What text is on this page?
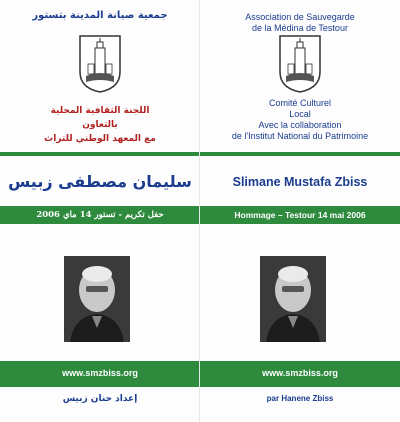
جمعية صيانة المدينة بتستور
اللجنة الثقافية المحلية
بالتعاون
مع المعهد الوطني للتراث
سليمان مصطفى زبيس
حفل تكريم - تستور 14 ماي 2006
www.smzbiss.org
إعداد حنان زبيس
Association de Sauvegarde
de la Médina de Testour
Comité Culturel
Local
Avec la collaboration
de l'Institut National du Patrimoine
Slimane Mustafa Zbiss
Hommage – Testour 14 mai 2006
www.smzbiss.org
par Hanene Zbiss
